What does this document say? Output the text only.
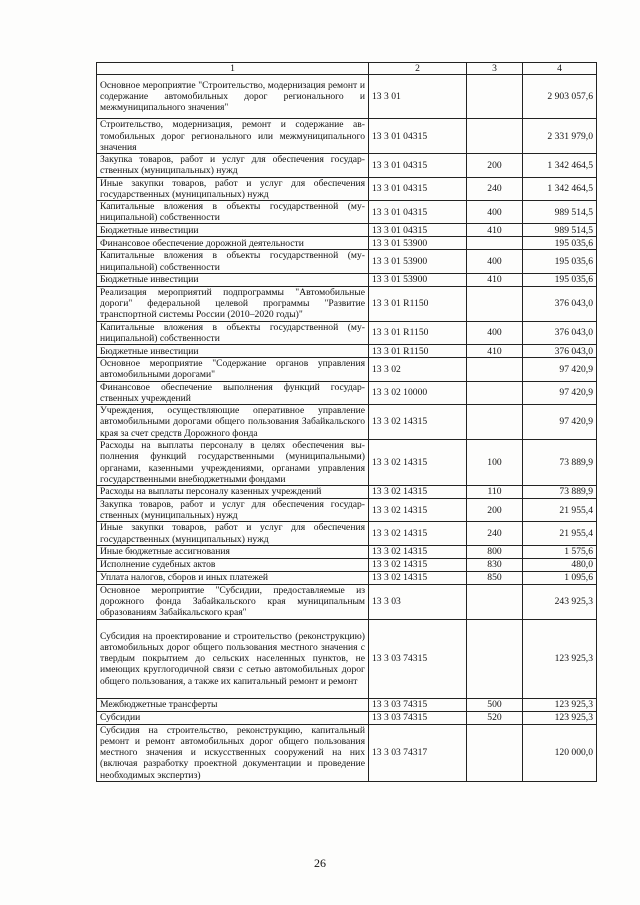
1	2	3	4
Основное мероприятие "Строительство, модернизация ремонт и содержание автомобильных дорог регионального и межмуниципального значения"	13 3 01		2 903 057,6
Строительство, модернизация, ремонт и содержание автомобильных дорог регионального или межмуниципального значения	13 3 01 04315		2 331 979,0
Закупка товаров, работ и услуг для обеспечения государственных (муниципальных) нужд	13 3 01 04315	200	1 342 464,5
Иные закупки товаров, работ и услуг для обеспечения государственных (муниципальных) нужд	13 3 01 04315	240	1 342 464,5
Капитальные вложения в объекты государственной (муниципальной) собственности	13 3 01 04315	400	989 514,5
Бюджетные инвестиции	13 3 01 04315	410	989 514,5
Финансовое обеспечение дорожной деятельности	13 3 01 53900		195 035,6
Капитальные вложения в объекты государственной (муниципальной) собственности	13 3 01 53900	400	195 035,6
Бюджетные инвестиции	13 3 01 53900	410	195 035,6
Реализация мероприятий подпрограммы "Автомобильные дороги" федеральной целевой программы "Развитие транспортной системы России (2010–2020 годы)"	13 3 01 R1150		376 043,0
Капитальные вложения в объекты государственной (муниципальной) собственности	13 3 01 R1150	400	376 043,0
Бюджетные инвестиции	13 3 01 R1150	410	376 043,0
Основное мероприятие "Содержание органов управления автомобильными дорогами"	13 3 02		97 420,9
Финансовое обеспечение выполнения функций государственных учреждений	13 3 02 10000		97 420,9
Учреждения, осуществляющие оперативное управление автомобильными дорогами общего пользования Забайкальского края за счет средств Дорожного фонда	13 3 02 14315		97 420,9
Расходы на выплаты персоналу в целях обеспечения выполнения функций государственными (муниципальными) органами, казенными учреждениями, органами управления государственными внебюджетными фондами	13 3 02 14315	100	73 889,9
Расходы на выплаты персоналу казенных учреждений	13 3 02 14315	110	73 889,9
Закупка товаров, работ и услуг для обеспечения государственных (муниципальных) нужд	13 3 02 14315	200	21 955,4
Иные закупки товаров, работ и услуг для обеспечения государственных (муниципальных) нужд	13 3 02 14315	240	21 955,4
Иные бюджетные ассигнования	13 3 02 14315	800	1 575,6
Исполнение судебных актов	13 3 02 14315	830	480,0
Уплата налогов, сборов и иных платежей	13 3 02 14315	850	1 095,6
Основное мероприятие "Субсидии, предоставляемые из дорожного фонда Забайкальского края муниципальным образованиям Забайкальского края"	13 3 03		243 925,3
Субсидия на проектирование и строительство (реконструкцию) автомобильных дорог общего пользования местного значения с твердым покрытием до сельских населенных пунктов, не имеющих круглогодичной связи с сетью автомобильных дорог общего пользования, а также их капитальный ремонт и ремонт	13 3 03 74315		123 925,3
Межбюджетные трансферты	13 3 03 74315	500	123 925,3
Субсидии	13 3 03 74315	520	123 925,3
Субсидия на строительство, реконструкцию, капитальный ремонт и ремонт автомобильных дорог общего пользования местного значения и искусственных сооружений на них (включая разработку проектной документации и проведение необходимых экспертиз)	13 3 03 74317		120 000,0
26
